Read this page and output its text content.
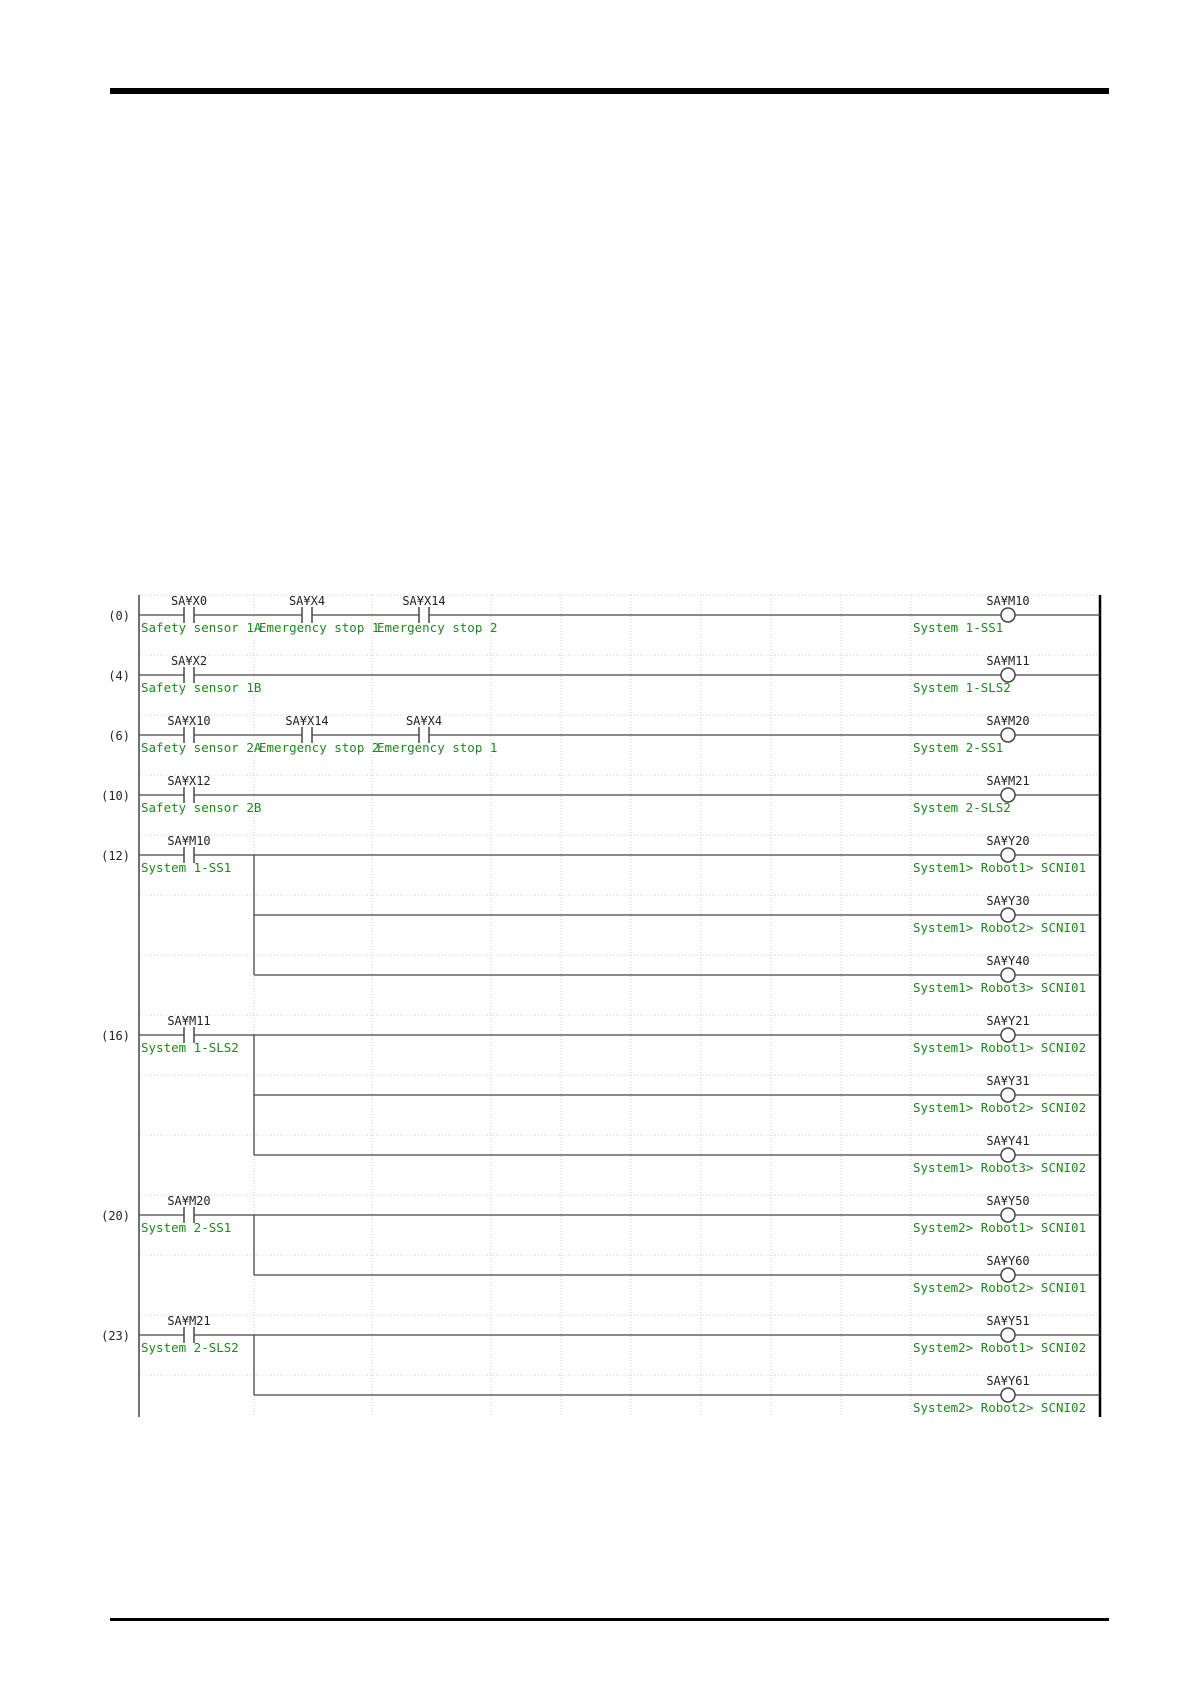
(0)
SA¥X0
Safety sensor 1A
SA¥X4
Emergency stop 1
SA¥X14
Emergency stop 2
SA¥M10
System 1-SS1
(4)
SA¥X2
Safety sensor 1B
SA¥M11
System 1-SLS2
(6)
SA¥X10
Safety sensor 2A
SA¥X14
Emergency stop 2
SA¥X4
Emergency stop 1
SA¥M20
System 2-SS1
(10)
SA¥X12
Safety sensor 2B
SA¥M21
System 2-SLS2
(12)
SA¥M10
System 1-SS1
SA¥Y20
System1> Robot1> SCNI01
SA¥Y30
System1> Robot2> SCNI01
SA¥Y40
System1> Robot3> SCNI01
(16)
SA¥M11
System 1-SLS2
SA¥Y21
System1> Robot1> SCNI02
SA¥Y31
System1> Robot2> SCNI02
SA¥Y41
System1> Robot3> SCNI02
(20)
SA¥M20
System 2-SS1
SA¥Y50
System2> Robot1> SCNI01
SA¥Y60
System2> Robot2> SCNI01
(23)
SA¥M21
System 2-SLS2
SA¥Y51
System2> Robot1> SCNI02
SA¥Y61
System2> Robot2> SCNI02
